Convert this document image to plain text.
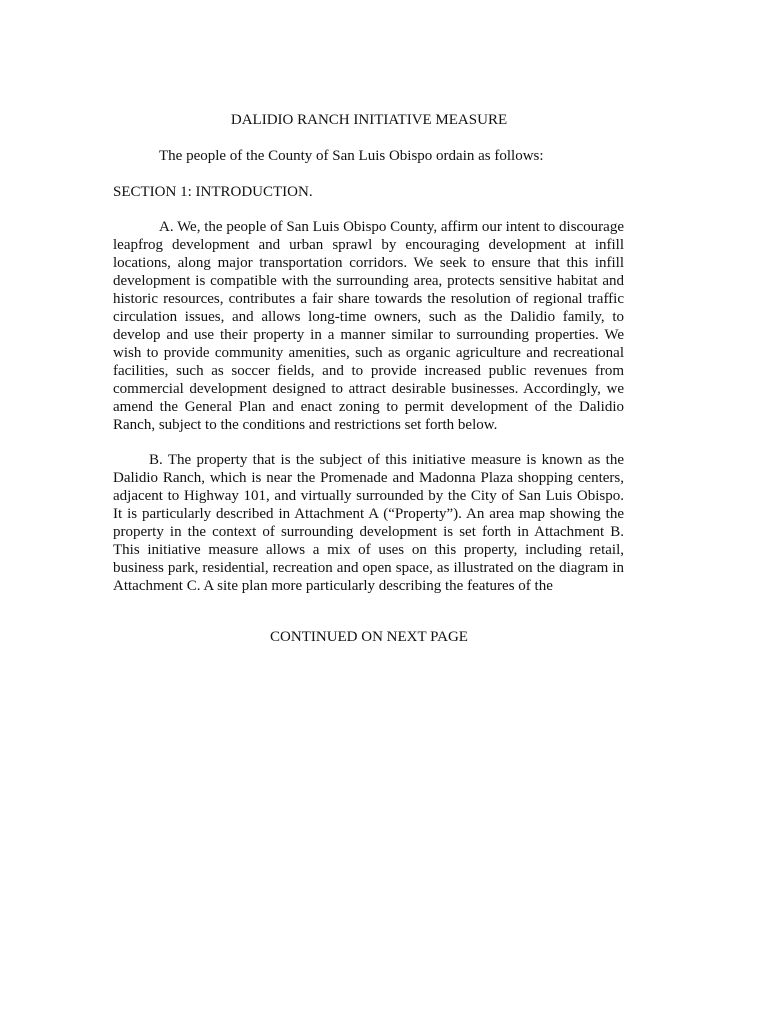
DALIDIO RANCH INITIATIVE MEASURE
The people of the County of San Luis Obispo ordain as follows:
SECTION 1: INTRODUCTION.

A. We, the people of San Luis Obispo County, affirm our intent to discourage leapfrog development and urban sprawl by encouraging development at infill locations, along major transportation corridors. We seek to ensure that this infill development is compatible with the surrounding area, protects sensitive habitat and historic resources, contributes a fair share towards the resolution of regional traffic circulation issues, and allows long-time owners, such as the Dalidio family, to develop and use their property in a manner similar to surrounding properties. We wish to provide community amenities, such as organic agriculture and recreational facilities, such as soccer fields, and to provide increased public revenues from commercial development designed to attract desirable businesses. Accordingly, we amend the General Plan and enact zoning to permit development of the Dalidio Ranch, subject to the conditions and restrictions set forth below.

B. The property that is the subject of this initiative measure is known as the Dalidio Ranch, which is near the Promenade and Madonna Plaza shopping centers, adjacent to Highway 101, and virtually surrounded by the City of San Luis Obispo. It is particularly described in Attachment A (“Property”). An area map showing the property in the context of surrounding development is set forth in Attachment B. This initiative measure allows a mix of uses on this property, including retail, business park, residential, recreation and open space, as illustrated on the diagram in Attachment C. A site plan more particularly describing the features of the

CONTINUED ON NEXT PAGE
